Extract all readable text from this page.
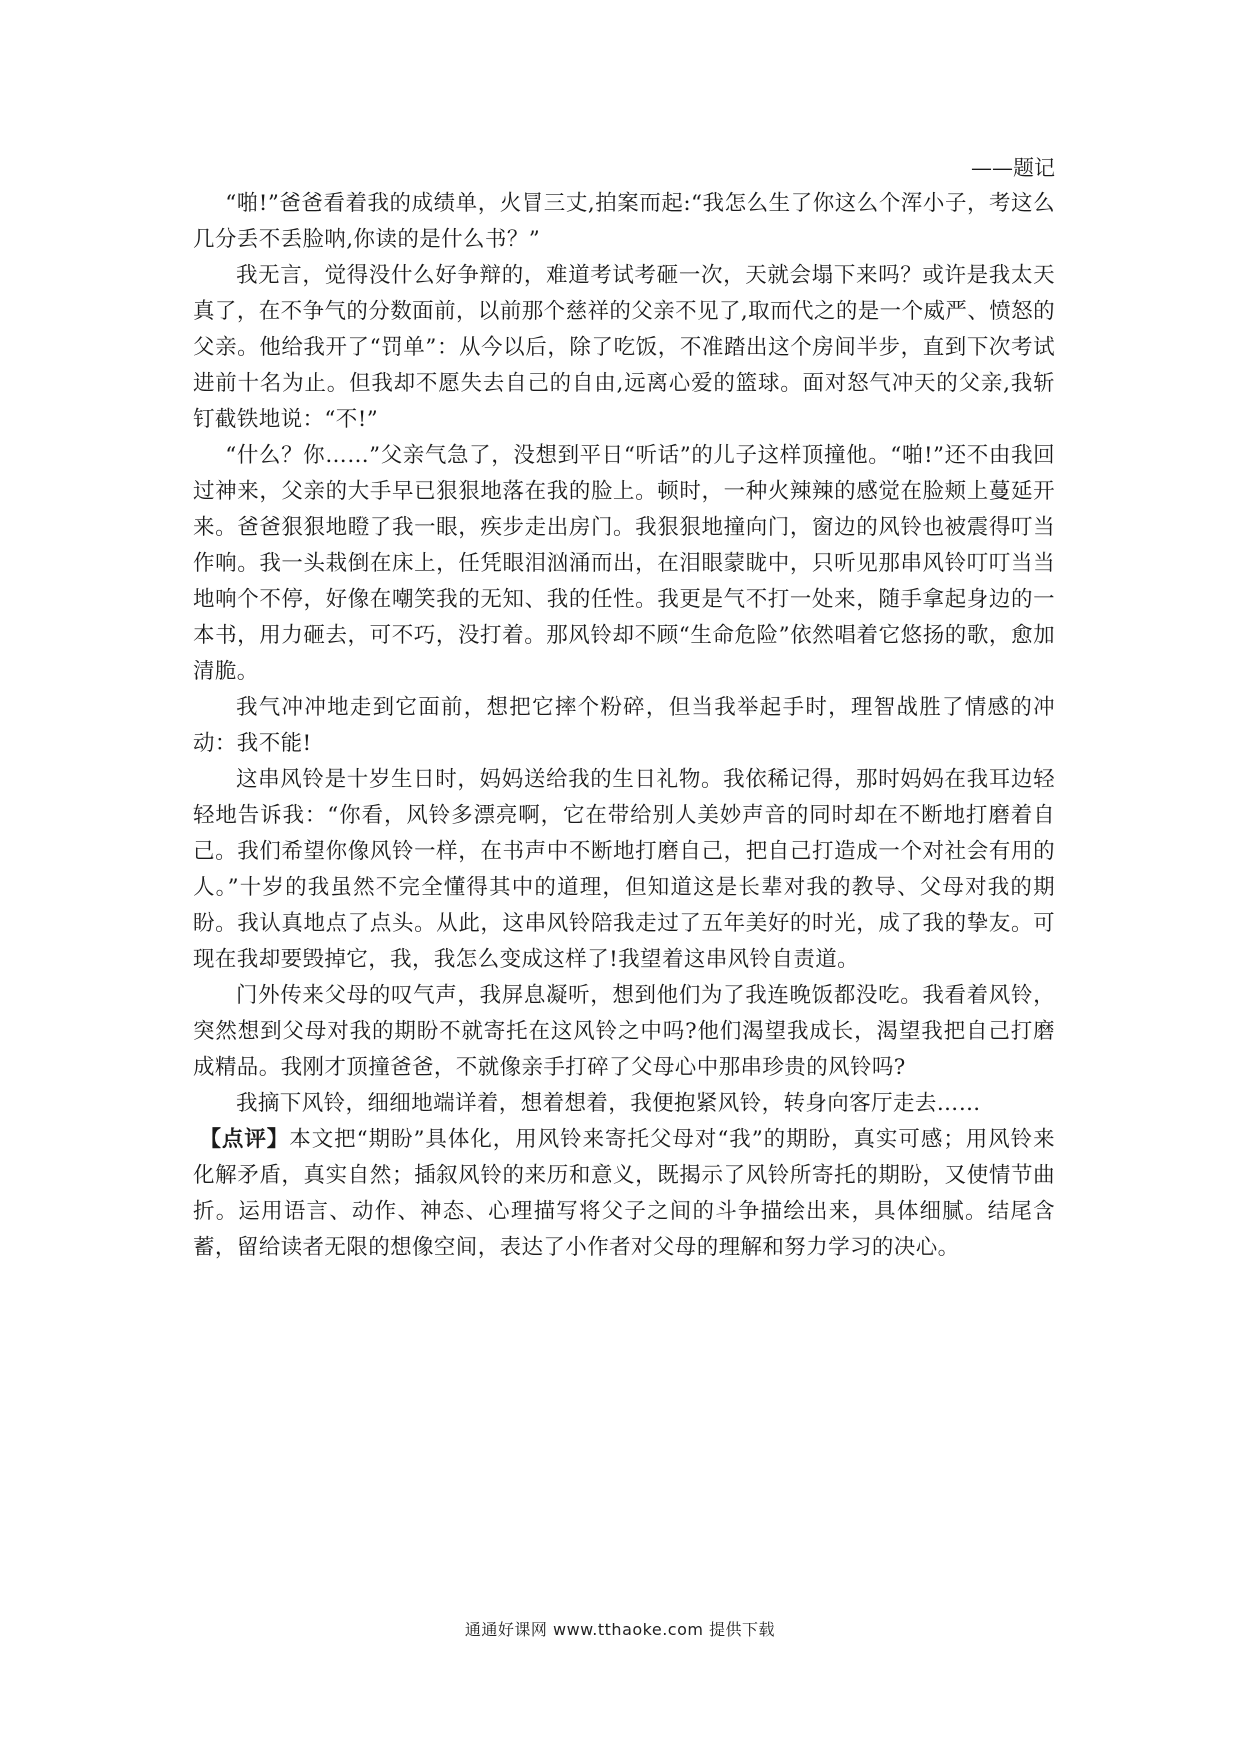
——题记

“啪!”爸爸看着我的成绩单，火冒三丈,拍案而起:“我怎么生了你这么个浑小子，考这么几分丢不丢脸呐,你读的是什么书？”

我无言，觉得没什么好争辩的，难道考试考砸一次，天就会塌下来吗？或许是我太天真了，在不争气的分数面前，以前那个慈祥的父亲不见了,取而代之的是一个威严、愤怒的父亲。他给我开了“罚单”：从今以后，除了吃饭，不准踏出这个房间半步，直到下次考试进前十名为止。但我却不愿失去自己的自由,远离心爱的篮球。面对怒气冲天的父亲,我斩钉截铁地说：“不!”

“什么？你……”父亲气急了，没想到平日“听话”的儿子这样顶撞他。“啪!”还不由我回过神来，父亲的大手早已狠狠地落在我的脸上。顿时，一种火辣辣的感觉在脸颊上蔓延开来。爸爸狠狠地瞪了我一眼，疾步走出房门。我狠狠地撞向门，窗边的风铃也被震得叮当作响。我一头栽倒在床上，任凭眼泪汹涌而出，在泪眼蒙眬中，只听见那串风铃叮叮当当地响个不停，好像在嘲笑我的无知、我的任性。我更是气不打一处来，随手拿起身边的一本书，用力砸去，可不巧，没打着。那风铃却不顾“生命危险”依然唱着它悠扬的歌，愈加清脆。

我气冲冲地走到它面前，想把它摔个粉碎，但当我举起手时，理智战胜了情感的冲动：我不能!

这串风铃是十岁生日时，妈妈送给我的生日礼物。我依稀记得，那时妈妈在我耳边轻轻地告诉我：“你看，风铃多漂亮啊，它在带给别人美妙声音的同时却在不断地打磨着自己。我们希望你像风铃一样，在书声中不断地打磨自己，把自己打造成一个对社会有用的人。”十岁的我虽然不完全懂得其中的道理，但知道这是长辈对我的教导、父母对我的期盼。我认真地点了点头。从此，这串风铃陪我走过了五年美好的时光，成了我的挚友。可现在我却要毁掉它，我，我怎么变成这样了!我望着这串风铃自责道。

门外传来父母的叹气声，我屏息凝听，想到他们为了我连晚饭都没吃。我看着风铃，突然想到父母对我的期盼不就寄托在这风铃之中吗?他们渴望我成长，渴望我把自己打磨成精品。我刚才顶撞爸爸，不就像亲手打碎了父母心中那串珍贵的风铃吗?

我摘下风铃，细细地端详着，想着想着，我便抱紧风铃，转身向客厅走去……

【点评】本文把“期盼”具体化，用风铃来寄托父母对“我”的期盼，真实可感；用风铃来化解矛盾，真实自然；插叙风铃的来历和意义，既揭示了风铃所寄托的期盼，又使情节曲折。运用语言、动作、神态、心理描写将父子之间的斗争描绘出来，具体细腻。结尾含蓄，留给读者无限的想像空间，表达了小作者对父母的理解和努力学习的决心。

通通好课网 www.tthaoke.com 提供下载
